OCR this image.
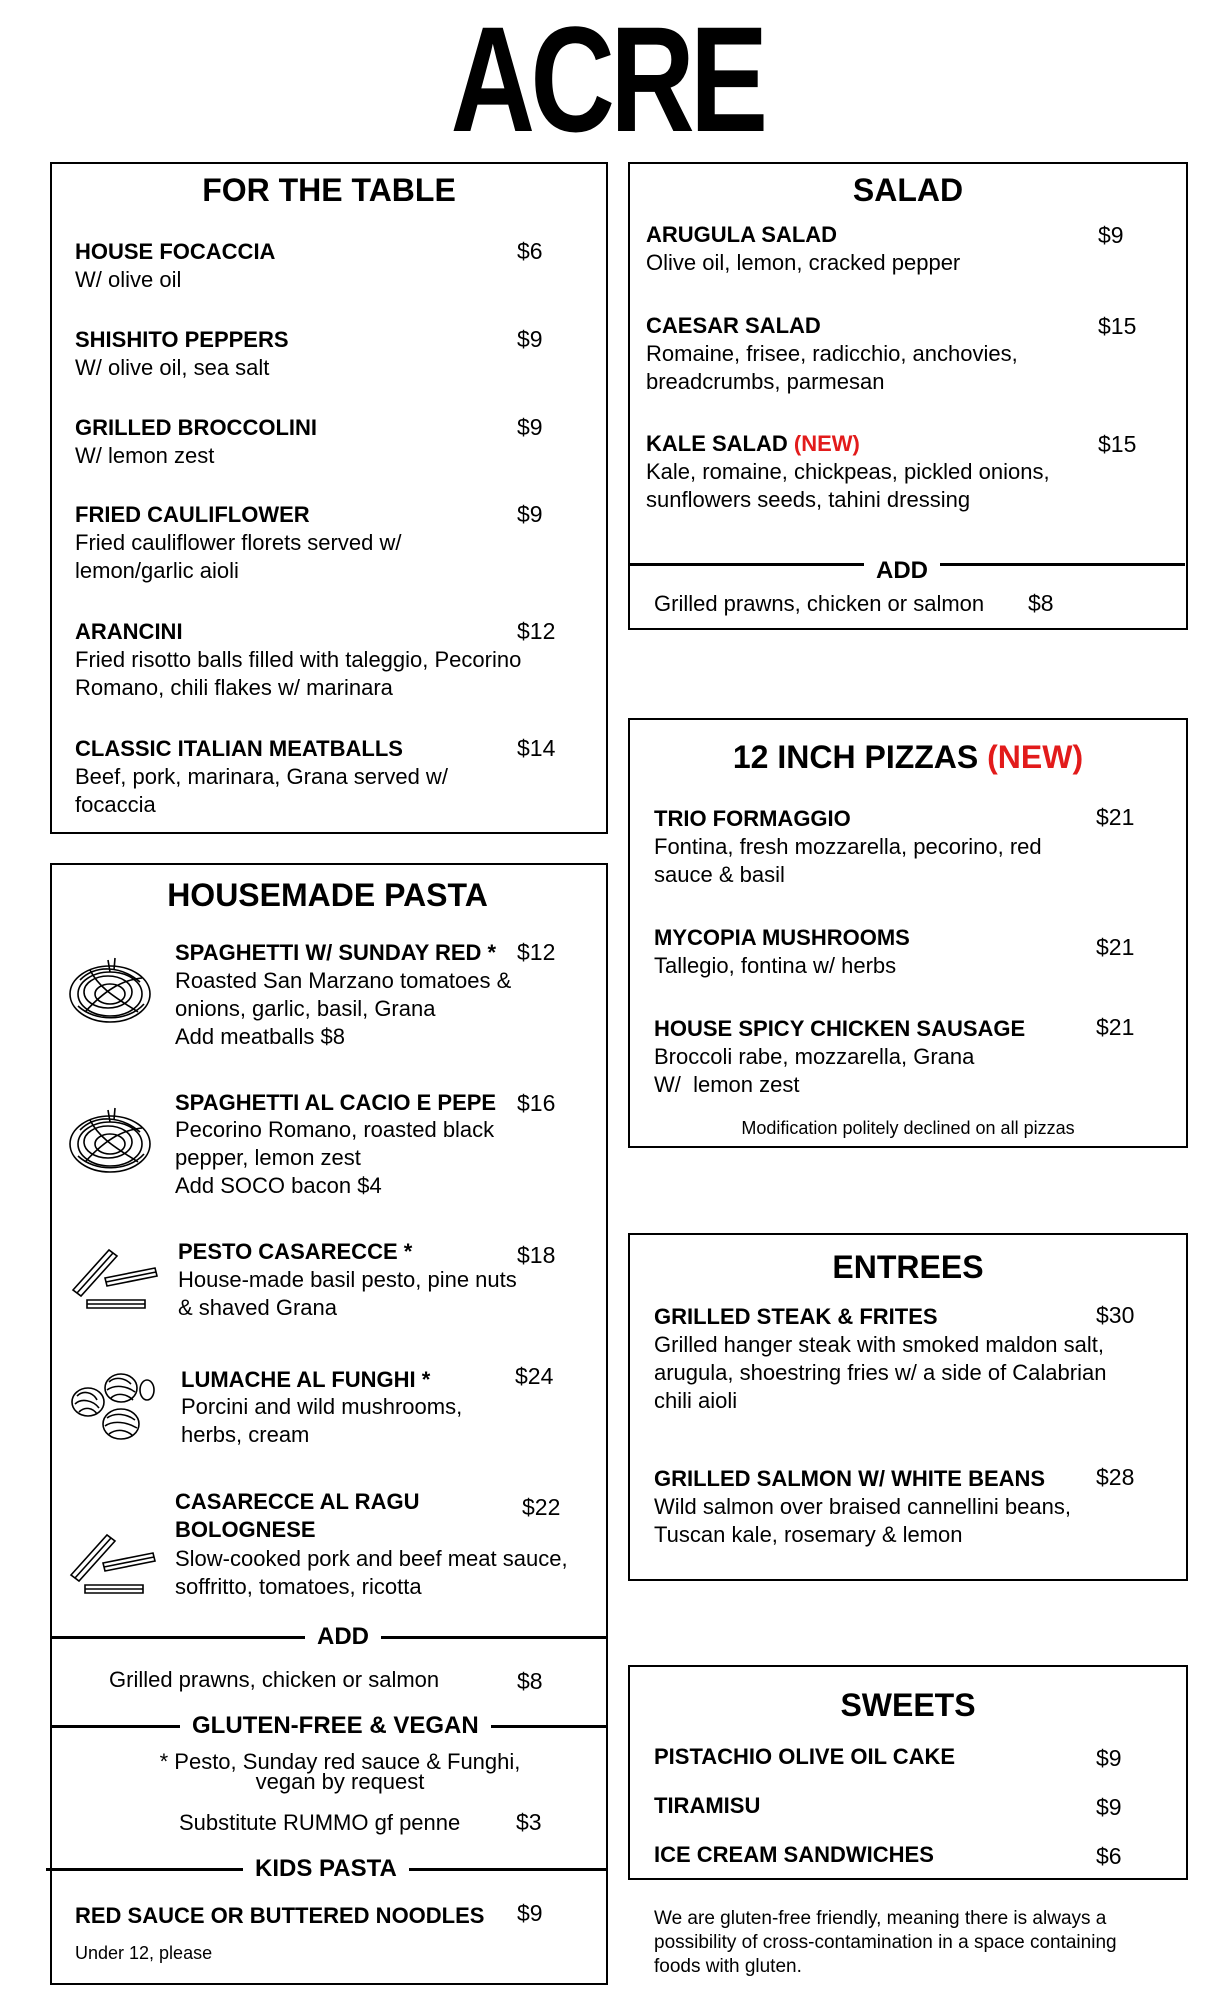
ACRE
FOR THE TABLE
HOUSE FOCACCIA	$6
W/ olive oil
SHISHITO PEPPERS	$9
W/ olive oil, sea salt
GRILLED BROCCOLINI	$9
W/ lemon zest
FRIED CAULIFLOWER	$9
Fried cauliflower florets served w/ lemon/garlic aioli
ARANCINI	$12
Fried risotto balls filled with taleggio, Pecorino Romano, chili flakes w/ marinara
CLASSIC ITALIAN MEATBALLS	$14
Beef, pork, marinara, Grana served w/ focaccia
HOUSEMADE PASTA
SPAGHETTI W/ SUNDAY RED * $12
Roasted San Marzano tomatoes & onions, garlic, basil, Grana
Add meatballs $8
SPAGHETTI AL CACIO E PEPE $16
Pecorino Romano, roasted black pepper, lemon zest
Add SOCO bacon $4
PESTO CASARECCE *	$18
House-made basil pesto, pine nuts & shaved Grana
LUMACHE AL FUNGHI *	$24
Porcini and wild mushrooms, herbs, cream
CASARECCE AL RAGU BOLOGNESE
$22
Slow-cooked pork and beef meat sauce, soffritto, tomatoes, ricotta
ADD
Grilled prawns, chicken or salmon	$8
GLUTEN-FREE & VEGAN
* Pesto, Sunday red sauce & Funghi, vegan by request
Substitute RUMMO gf penne $3
KIDS PASTA
RED SAUCE OR BUTTERED NOODLES $9
Under 12, please
SALAD
ARUGULA SALAD	$9
Olive oil, lemon, cracked pepper
CAESAR SALAD	$15
Romaine, frisee, radicchio, anchovies, breadcrumbs, parmesan
KALE SALAD (NEW)	$15
Kale, romaine, chickpeas, pickled onions, sunflowers seeds, tahini dressing
ADD
Grilled prawns, chicken or salmon $8
12 INCH PIZZAS (NEW)
TRIO FORMAGGIO	$21
Fontina, fresh mozzarella, pecorino, red sauce & basil
MYCOPIA MUSHROOMS	$21
Tallegio, fontina w/ herbs
HOUSE SPICY CHICKEN SAUSAGE	$21
Broccoli rabe, mozzarella, Grana
W/  lemon zest
Modification politely declined on all pizzas
ENTREES
GRILLED STEAK & FRITES	$30
Grilled hanger steak with smoked maldon salt, arugula, shoestring fries w/ a side of Calabrian chili aioli
GRILLED SALMON W/ WHITE BEANS $28
Wild salmon over braised cannellini beans, Tuscan kale, rosemary & lemon
SWEETS
PISTACHIO OLIVE OIL CAKE	$9
TIRAMISU	$9
ICE CREAM SANDWICHES	$6
We are gluten-free friendly, meaning there is always a possibility of cross-contamination in a space containing foods with gluten.
